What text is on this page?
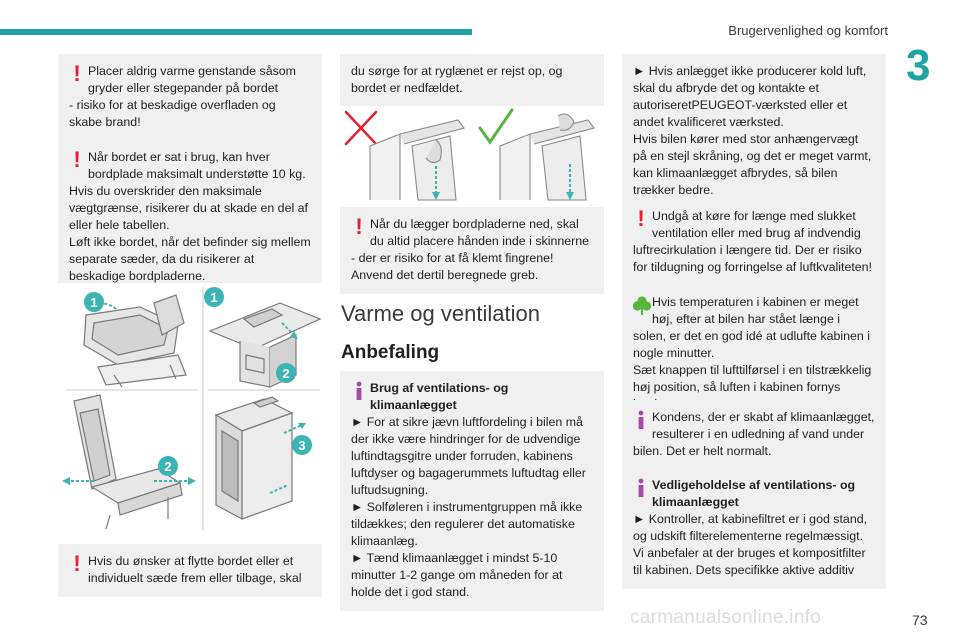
Brugervenlighed og komfort
3
! Placer aldrig varme genstande såsom gryder eller stegepander på bordet

- risiko for at beskadige overfladen og skabe brand!

! Når bordet er sat i brug, kan hver bordplade maksimalt understøtte 10 kg.

Hvis du overskrider den maksimale vægtgrænse, risikerer du at skade en del af eller hele tabellen.

Løft ikke bordet, når det befinder sig mellem separate sæder, da du risikerer at beskadige bordpladerne.

1	1
2
2
3
! Hvis du ønsker at flytte bordet eller et individuelt sæde frem eller tilbage, skal

du sørge for at ryglænet er rejst op, og bordet er nedfældet.

! Når du lægger bordpladerne ned, skal du altid placere hånden inde i skinnerne

- der er risiko for at få klemt fingrene! Anvend det dertil beregnede greb.

Varme og ventilation
Anbefaling

Brug af ventilations- og klimaanlægget

► For at sikre jævn luftfordeling i bilen må der ikke være hindringer for de udvendige luftindtagsgitre under forruden, kabinens luftdyser og bagagerummets luftudtag eller luftudsugning.

► Solføleren i instrumentgruppen må ikke tildækkes; den regulerer det automatiske klimaanlæg.

► Tænd klimaanlægget i mindst 5-10 minutter 1-2 gange om måneden for at holde det i god stand.

► Hvis anlægget ikke producerer kold luft, skal du afbryde det og kontakte et autoriseretPEUGEOT-værksted eller et andet kvalificeret værksted.

Hvis bilen kører med stor anhængervægt på en stejl skråning, og det er meget varmt, kan klimaanlægget afbrydes, så bilen trækker bedre.

! Undgå at køre for længe med slukket ventilation eller med brug af indvendig

luftrecirkulation i længere tid. Der er risiko for tildugning og forringelse af luftkvaliteten!

Hvis temperaturen i kabinen er meget høj, efter at bilen har stået længe i

solen, er det en god idé at udlufte kabinen i nogle minutter.

Sæt knappen til lufttilførsel i en tilstrækkelig høj position, så luften i kabinen fornys

Kondens, der er skabt af klimaanlægget, resulterer i en udledning af vand under

bilen. Det er helt normalt.

Vedligeholdelse af ventilations- og klimaanlægget

► Kontroller, at kabinefiltret er i god stand, og udskift filterelementerne regelmæssigt.

Vi anbefaler at der bruges et kompositfilter til kabinen. Dets specifikke aktive additiv

carmanualsonline.info	73
